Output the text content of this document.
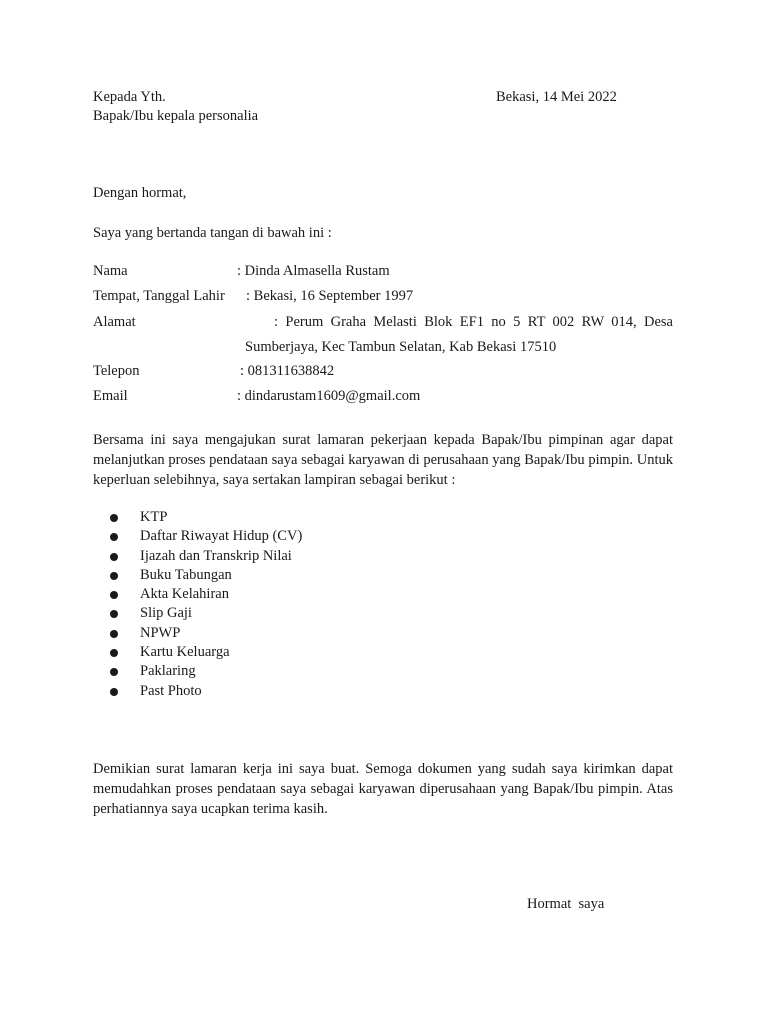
Kepada Yth.
Bapak/Ibu kepala personalia
Bekasi, 14 Mei 2022
Dengan hormat,
Saya yang bertanda tangan di bawah ini :
Nama	: Dinda Almasella Rustam
Tempat, Tanggal Lahir : Bekasi, 16 September 1997
Alamat	: Perum Graha Melasti Blok EF1 no 5 RT 002 RW 014, Desa
Sumberjaya, Kec Tambun Selatan, Kab Bekasi 17510
Telepon	: 081311638842
Email	: dindarustam1609@gmail.com
Bersama ini saya mengajukan surat lamaran pekerjaan kepada Bapak/Ibu pimpinan agar dapat melanjutkan proses pendataan saya sebagai karyawan di perusahaan yang Bapak/Ibu pimpin. Untuk keperluan selebihnya, saya sertakan lampiran sebagai berikut :
KTP
Daftar Riwayat Hidup (CV)
Ijazah dan Transkrip Nilai
Buku Tabungan
Akta Kelahiran
Slip Gaji
NPWP
Kartu Keluarga
Paklaring
Past Photo
Demikian surat lamaran kerja ini saya buat. Semoga dokumen yang sudah saya kirimkan dapat memudahkan proses pendataan saya sebagai karyawan diperusahaan yang Bapak/Ibu pimpin. Atas perhatiannya saya ucapkan terima kasih.
Hormat  saya
